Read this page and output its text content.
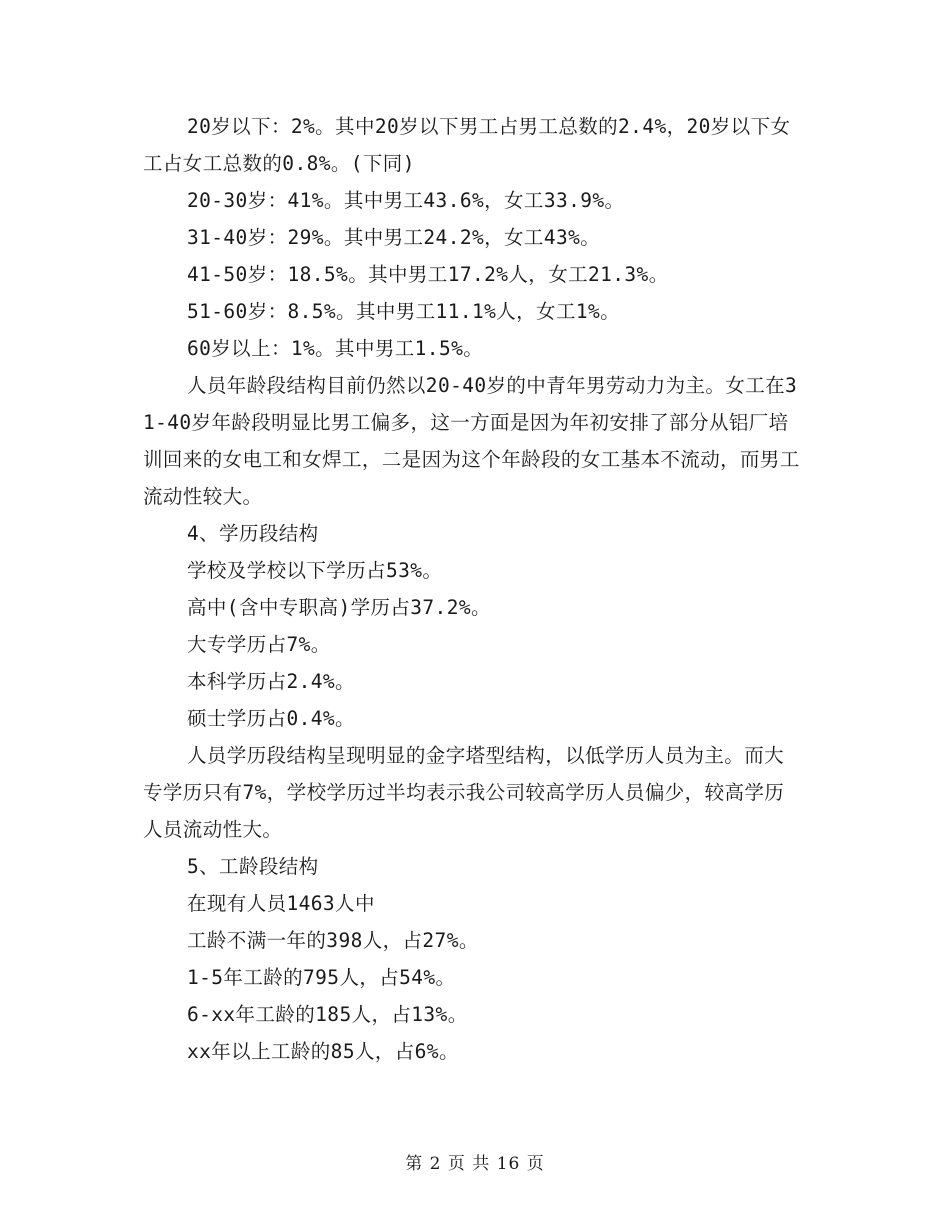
20岁以下：2%。其中20岁以下男工占男工总数的2.4%，20岁以下女工占女工总数的0.8%。(下同)

20-30岁：41%。其中男工43.6%，女工33.9%。

31-40岁：29%。其中男工24.2%，女工43%。

41-50岁：18.5%。其中男工17.2%人，女工21.3%。

51-60岁：8.5%。其中男工11.1%人，女工1%。

60岁以上：1%。其中男工1.5%。

人员年龄段结构目前仍然以20-40岁的中青年男劳动力为主。女工在31-40岁年龄段明显比男工偏多，这一方面是因为年初安排了部分从铝厂培训回来的女电工和女焊工，二是因为这个年龄段的女工基本不流动，而男工流动性较大。

4、学历段结构

学校及学校以下学历占53%。

高中(含中专职高)学历占37.2%。

大专学历占7%。

本科学历占2.4%。

硕士学历占0.4%。

人员学历段结构呈现明显的金字塔型结构，以低学历人员为主。而大专学历只有7%，学校学历过半均表示我公司较高学历人员偏少，较高学历人员流动性大。

5、工龄段结构

在现有人员1463人中

工龄不满一年的398人，占27%。

1-5年工龄的795人，占54%。

6-xx年工龄的185人，占13%。

xx年以上工龄的85人，占6%。

第 2 页 共 16 页
